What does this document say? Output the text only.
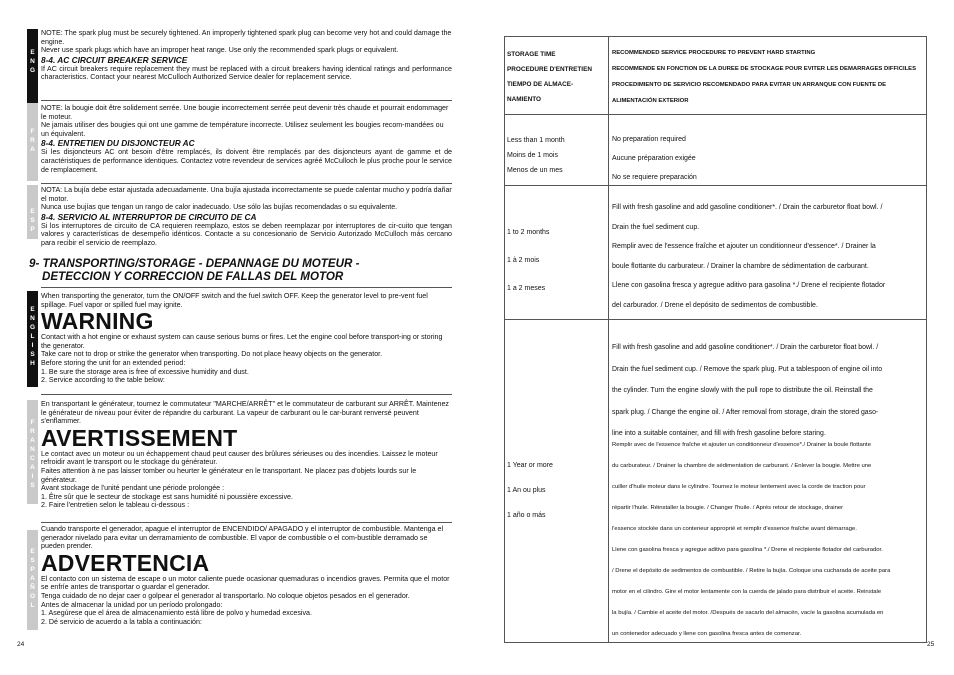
E
N
G

NOTE: The spark plug must be securely tightened. An improperly tightened spark plug can become very hot and could damage the engine.

Never use spark plugs which have an improper heat range. Use only the recommended spark plugs or equivalent.

8-4. AC CIRCUIT BREAKER SERVICE

If AC circuit breakers require replacement they must be replaced with a circuit breakers having identical ratings and performance characteristics. Contact your nearest McCulloch Authorized Service dealer for replacement service.

F
R
A

NOTE: la bougie doit être solidement serrée. Une bougie incorrectement serrée peut devenir très chaude et pourrait endommager le moteur.

Ne jamais utiliser des bougies qui ont une gamme de température incorrecte. Utilisez seulement les bougies recom-mandées ou un équivalent.

8-4. ENTRETIEN DU DISJONCTEUR AC

Si les disjoncteurs AC ont besoin d'être remplacés, ils doivent être remplacés par des disjoncteurs ayant de gamme et de caractéristiques de performance identiques. Contactez votre revendeur de services agréé McCulloch le plus proche pour le service de remplacement.

E
S
P

NOTA: La bujía debe estar ajustada adecuadamente. Una bujía ajustada incorrectamente se puede calentar mucho y podría dañar el motor.

Nunca use bujías que tengan un rango de calor inadecuado. Use sólo las bujías recomendadas o su equivalente.

8-4. SERVICIO AL INTERRUPTOR DE CIRCUITO DE CA

Si los interruptores de circuito de CA requieren reemplazo, estos se deben reemplazar por interruptores de cir-cuito que tengan valores y características de desempeño idénticos. Contacte a su concesionario de Servicio Autorizado McCulloch más cercano para recibir el servicio de reemplazo.

9- TRANSPORTING/STORAGE - DEPANNAGE DU MOTEUR -
DETECCION Y CORRECCION DE FALLAS DEL MOTOR
E
N
G
L
I
S
H

When transporting the generator, turn the ON/OFF switch and the fuel switch OFF. Keep the generator level to pre-vent fuel spillage. Fuel vapor or spilled fuel may ignite.

WARNING

Contact with a hot engine or exhaust system can cause serious burns or fires. Let the engine cool before transport-ing or storing the generator.

Take care not to drop or strike the generator when transporting. Do not place heavy objects on the generator.

Before storing the unit for an extended period:

1. Be sure the storage area is free of excessive humidity and dust.

2. Service according to the table below:

F
R
A
N
C
A
I
S

En transportant le générateur, tournez le commutateur "MARCHE/ARRÊT" et le commutateur de carburant sur ARRÊT. Maintenez le générateur de niveau pour éviter de répandre du carburant. La vapeur de carburant ou le car-burant renversé peuvent s'enflammer.

AVERTISSEMENT

Le contact avec un moteur ou un échappement chaud peut causer des brûlures sérieuses ou des incendies. Laissez le moteur refroidir avant le transport ou le stockage du générateur.

Faites attention à ne pas laisser tomber ou heurter le générateur en le transportant. Ne placez pas d'objets lourds sur le générateur.

Avant stockage de l'unité pendant une période prolongée :

1. Être sûr que le secteur de stockage est sans humidité ni poussière excessive.

2. Faire l'entretien selon le tableau ci-dessous :

E
S
P
A
Ñ
O
L

Cuando transporte el generador, apague el interruptor de ENCENDIDO/ APAGADO y el interruptor de combustible. Mantenga el generador nivelado para evitar un derramamiento de combustible. El vapor de combustible o el com-bustible derramado se pueden prender.

ADVERTENCIA

El contacto con un sistema de escape o un motor caliente puede ocasionar quemaduras o incendios graves. Permita que el motor se enfríe antes de transportar o guardar el generador.

Tenga cuidado de no dejar caer o golpear el generador al transportarlo. No coloque objetos pesados en el generador.

Antes de almacenar la unidad por un período prolongado:

1. Asegúrese que el área de almacenamiento está libre de polvo y humedad excesiva.

2. Dé servicio de acuerdo a la tabla a continuación:

24
STORAGE TIME
PROCEDURE D'ENTRETIEN
TIEMPO DE ALMACE-
NAMIENTO
RECOMMENDED SERVICE PROCEDURE TO PREVENT HARD STARTING
RECOMMENDE EN FONCTION DE LA DUREE DE STOCKAGE POUR EVITER LES DEMARRAGES DIFFICILES
PROCEDIMIENTO DE SERVICIO RECOMENDADO PARA EVITAR UN ARRANQUE CON FUENTE DE
ALIMENTACIÓN EXTERIOR
Less than 1 month
Moins de 1 mois
Menos de un mes
No preparation required
Aucune préparation exigée
No se requiere preparación
1 to 2 months
1 à 2 mois
1 a 2 meses
Fill with fresh gasoline and add gasoline conditioner*. / Drain the carburetor float bowl. /
Drain the fuel sediment cup.
Remplir avec de l'essence fraîche et ajouter un conditionneur d'essence*. / Drainer la
boule flottante du carburateur. / Drainer la chambre de sédimentation de carburant.
Llene con gasolina fresca y agregue aditivo para gasolina *./ Drene el recipiente flotador
del carburador. / Drene el depósito de sedimentos de combustible.
1 Year or more
1 An ou plus
1 año o más
Fill with fresh gasoline and add gasoline conditioner*. / Drain the carburetor float bowl. /
Drain the fuel sediment cup. / Remove the spark plug. Put a tablespoon of engine oil into
the cylinder. Turn the engine slowly with the pull rope to distribute the oil. Reinstall the
spark plug. / Change the engine oil. / After removal from storage, drain the stored gaso-
line into a suitable container, and fill with fresh gasoline before staring.
Remplir avec de l'essence fraîche et ajouter un conditionneur d'essence*./ Drainer la boule flottante
du carburateur. / Drainer la chambre de sédimentation de carburant. / Enlever la bougie. Mettre une
cuiller d'huile moteur dans le cylindre. Tournez le moteur lentement avec la corde de traction pour
répartir l'huile. Réinstaller la bougie. / Changer l'huile. / Après retour de stockage, drainer
l'essence stockée dans un conteneur approprié et remplir d'essence fraîche avant démarrage.
Llene con gasolina fresca y agregue aditivo para gasolina *./ Drene el recipiente flotador del carburador.
/ Drene el depósito de sedimentos de combustible. / Retire la bujía. Coloque una cucharada de aceite para
motor en el cilindro. Gire el motor lentamente con la cuerda de jalado para distribuir el aceite. Reinstale
la bujía. / Cambie el aceite del motor. /Después de sacarlo del almacén, vacíe la gasolina acumulada en
un contenedor adecuado y llene con gasolina fresca antes de comenzar.
25
